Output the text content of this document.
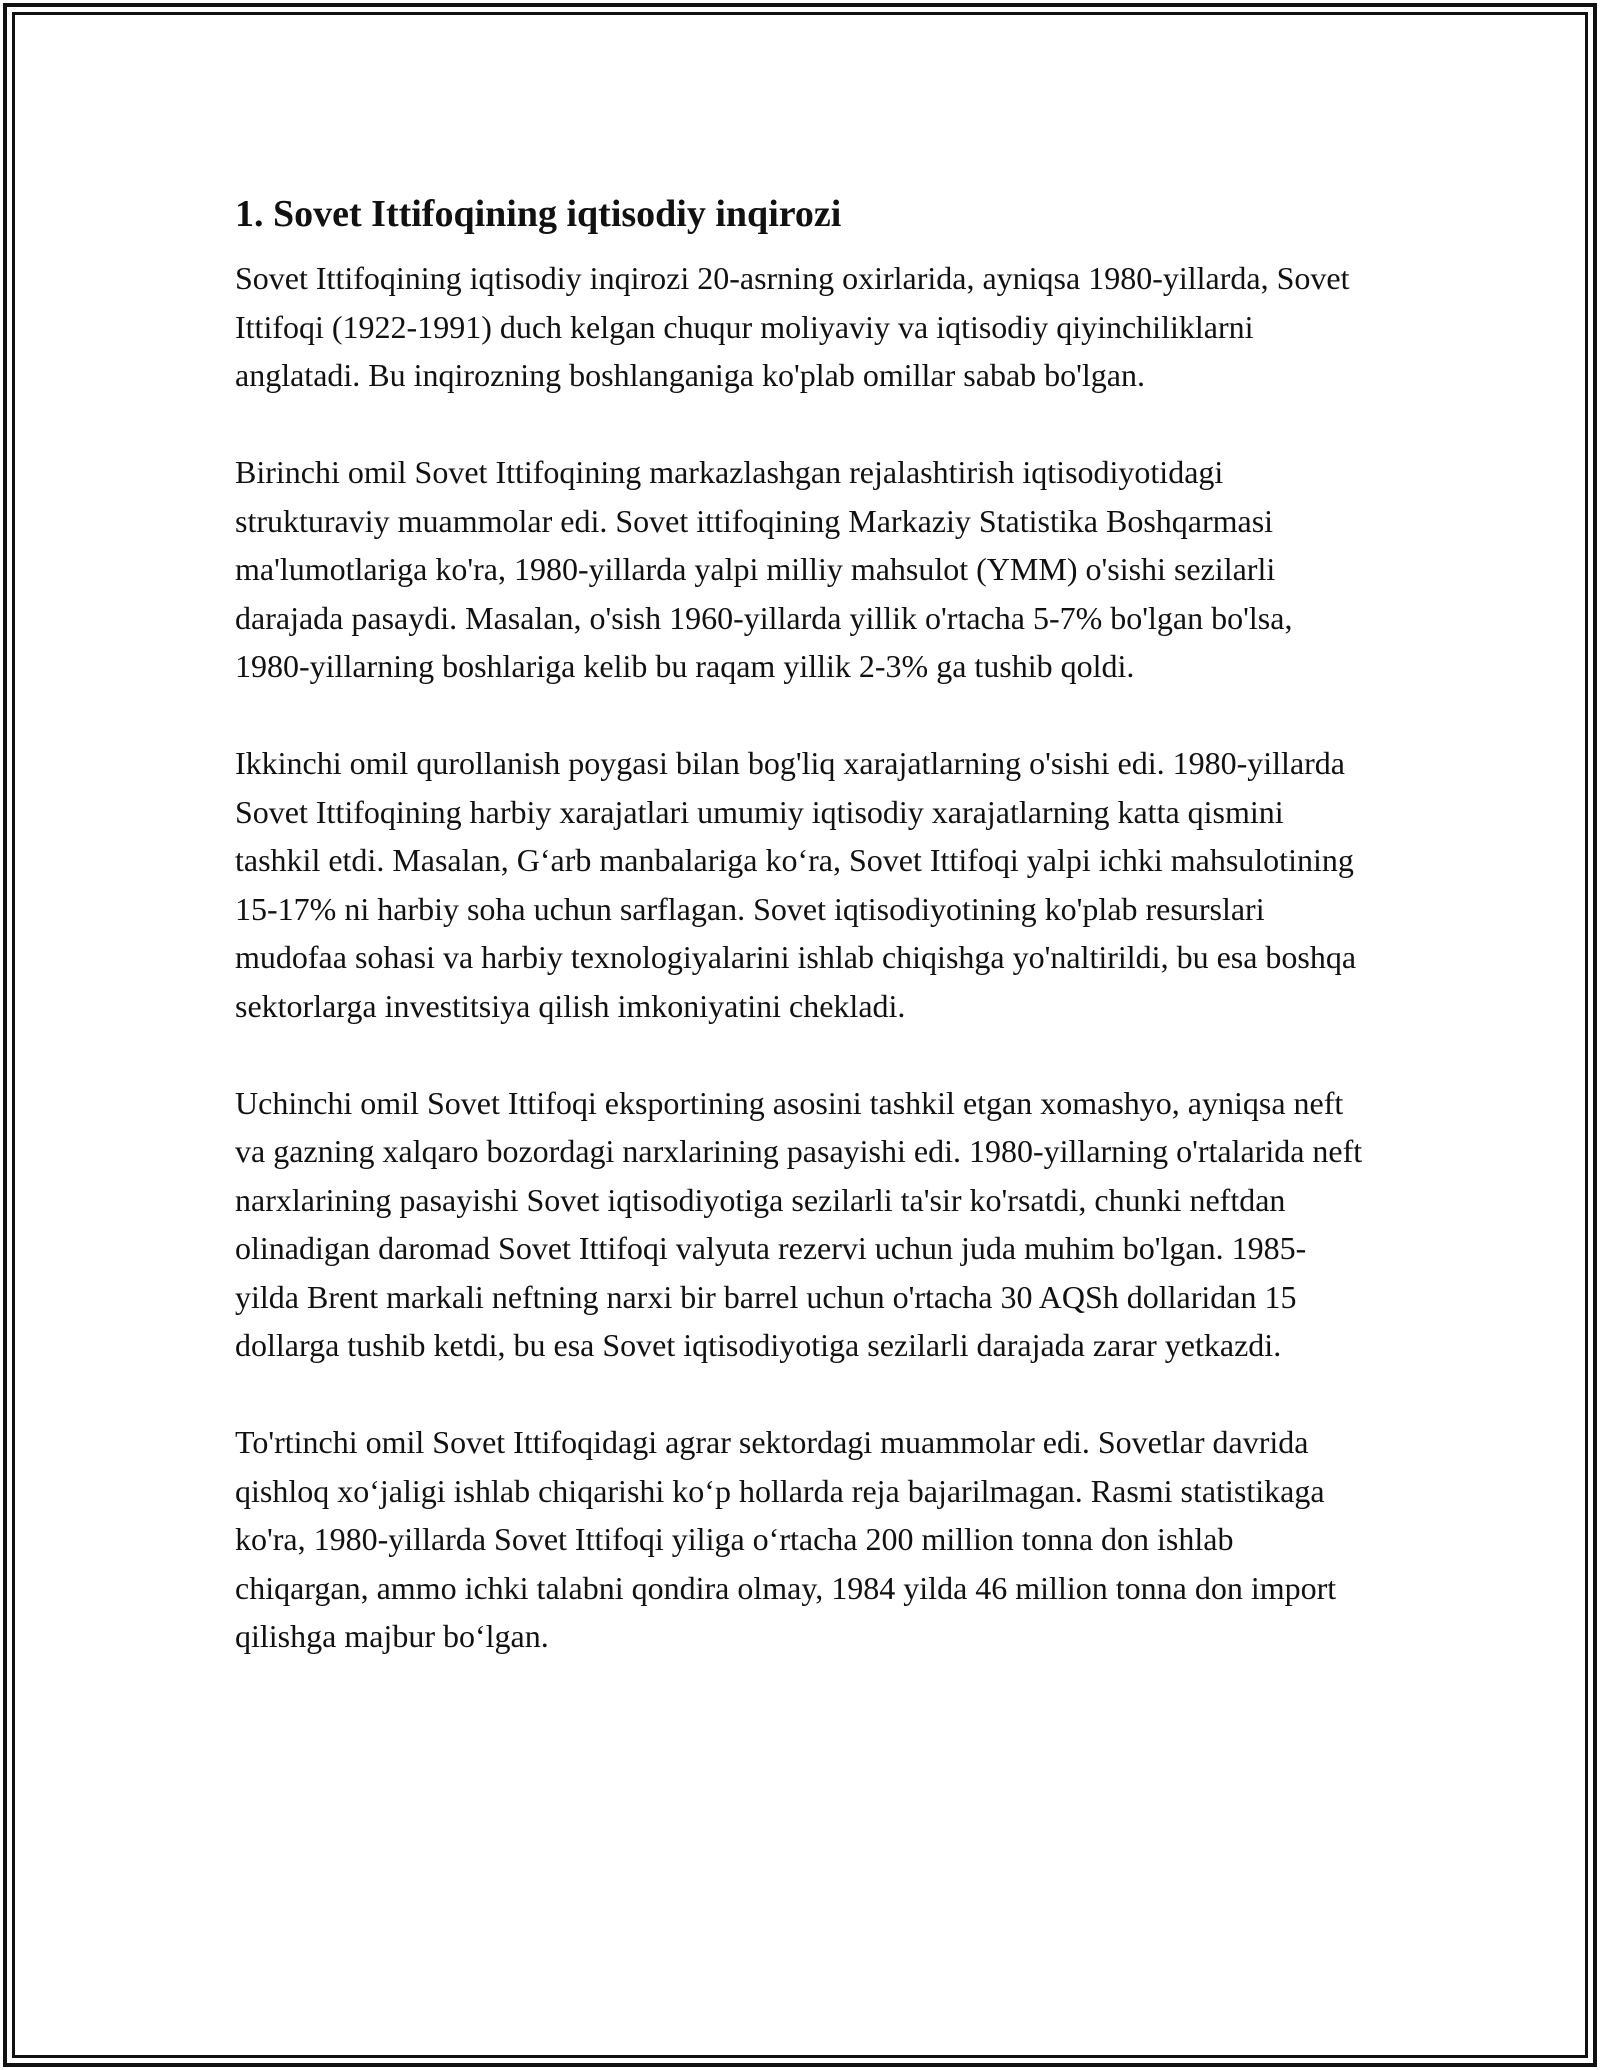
1. Sovet Ittifoqining iqtisodiy inqirozi

Sovet Ittifoqining iqtisodiy inqirozi 20-asrning oxirlarida, ayniqsa 1980-yillarda, Sovet Ittifoqi (1922-1991) duch kelgan chuqur moliyaviy va iqtisodiy qiyinchiliklarni anglatadi. Bu inqirozning boshlanganiga ko'plab omillar sabab bo'lgan.

Birinchi omil Sovet Ittifoqining markazlashgan rejalashtirish iqtisodiyotidagi strukturaviy muammolar edi. Sovet ittifoqining Markaziy Statistika Boshqarmasi ma'lumotlariga ko'ra, 1980-yillarda yalpi milliy mahsulot (YMM) o'sishi sezilarli darajada pasaydi. Masalan, o'sish 1960-yillarda yillik o'rtacha 5-7% bo'lgan bo'lsa, 1980-yillarning boshlariga kelib bu raqam yillik 2-3% ga tushib qoldi.

Ikkinchi omil qurollanish poygasi bilan bog'liq xarajatlarning o'sishi edi. 1980-yillarda Sovet Ittifoqining harbiy xarajatlari umumiy iqtisodiy xarajatlarning katta qismini tashkil etdi. Masalan, G‘arb manbalariga ko‘ra, Sovet Ittifoqi yalpi ichki mahsulotining 15-17% ni harbiy soha uchun sarflagan. Sovet iqtisodiyotining ko'plab resurslari mudofaa sohasi va harbiy texnologiyalarini ishlab chiqishga yo'naltirildi, bu esa boshqa sektorlarga investitsiya qilish imkoniyatini chekladi.

Uchinchi omil Sovet Ittifoqi eksportining asosini tashkil etgan xomashyo, ayniqsa neft va gazning xalqaro bozordagi narxlarining pasayishi edi. 1980-yillarning o'rtalarida neft narxlarining pasayishi Sovet iqtisodiyotiga sezilarli ta'sir ko'rsatdi, chunki neftdan olinadigan daromad Sovet Ittifoqi valyuta rezervi uchun juda muhim bo'lgan. 1985-yilda Brent markali neftning narxi bir barrel uchun o'rtacha 30 AQSh dollaridan 15 dollarga tushib ketdi, bu esa Sovet iqtisodiyotiga sezilarli darajada zarar yetkazdi.

To'rtinchi omil Sovet Ittifoqidagi agrar sektordagi muammolar edi. Sovetlar davrida qishloq xo‘jaligi ishlab chiqarishi ko‘p hollarda reja bajarilmagan. Rasmi statistikaga ko'ra, 1980-yillarda Sovet Ittifoqi yiliga o‘rtacha 200 million tonna don ishlab chiqargan, ammo ichki talabni qondira olmay, 1984 yilda 46 million tonna don import qilishga majbur bo‘lgan.
